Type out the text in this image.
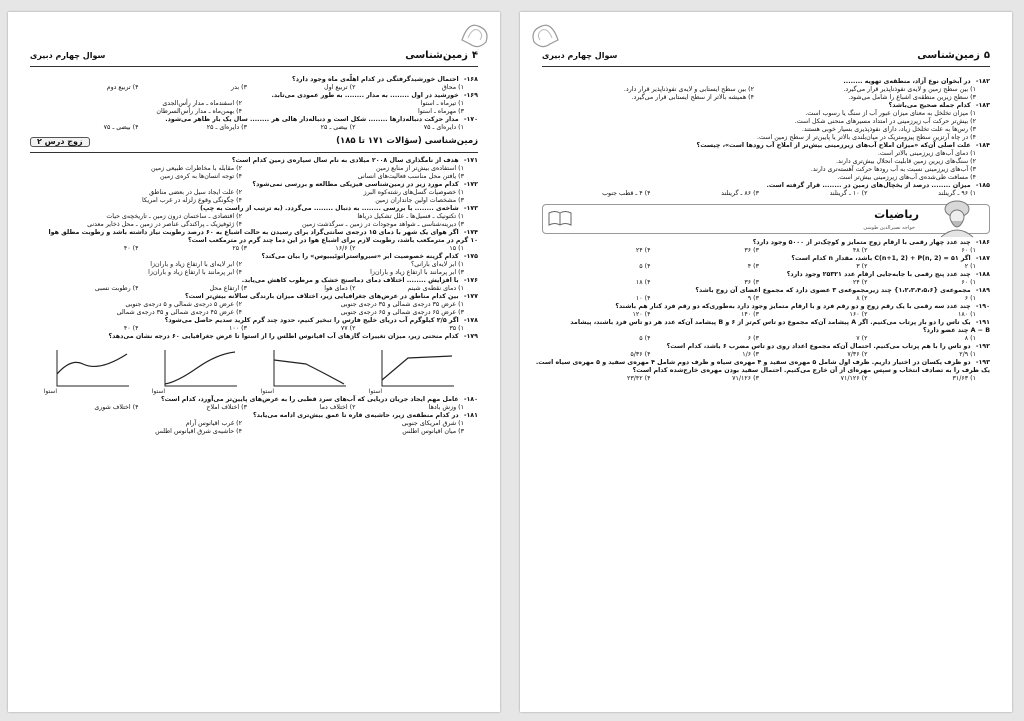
۴زمین‌شناسی
سوال چهارم دبیری
۱۶۸- احتمال خورشیدگرفتگی در کدام اهلّه‌ی ماه وجود دارد؟
۱) محاق
۲) تربیع اول
۳) بدر
۴) تربیع دوم
۱۶۹- خورشید در اول ........ به مدار ........ به طور عمودی می‌تابد.
۱) تیرماه ـ استوا
۲) اسفندماه ـ مدار رأس‌الجدی
۳) مهرماه ـ استوا
۴) بهمن‌ماه ـ مدار رأس‌السرطان
۱۷۰- مدار حرکت دنباله‌دارها ........ شکل است و دنباله‌دار هالی هر ........ سال یک بار ظاهر می‌شود.
۱) دایره‌ای ـ ۷۵
۲) بیضی ـ ۲۵
۳) دایره‌ای ـ ۲۵
۴) بیضی ـ ۷۵
زمین‌شناسی (سؤالات ۱۷۱ تا ۱۸۵)
زوج درس ۲
۱۷۱- هدف از نامگذاری سال ۲۰۰۸ میلادی به نام سال سیاره‌ی زمین کدام است؟
۱) استفاده‌ی بیش‌تر از منابع زمین
۲) مقابله با مخاطرات طبیعی زمین
۳) یافتن محل مناسب فعالیت‌های انسانی
۴) توجه انسان‌ها به کره‌ی زمین
۱۷۲- کدام مورد زیر در زمین‌شناسی فیزیکی مطالعه و بررسی نمی‌شود؟
۱) خصوصیات گسل‌های رشته‌کوه البرز
۲) علت ایجاد سیل در بعضی مناطق
۳) مشخصات اولین جانداران زمین
۴) چگونگی وقوع زلزله در غرب امریکا
۱۷۳- شاخه‌ی ........ با بررسی ........ به دنبال ........ می‌گردد. (به ترتیب از راست به چپ)
۱) تکتونیک ـ فسیل‌ها ـ علل تشکیل دریاها
۲) اقتصادی ـ ساختمان درون زمین ـ تاریخچه‌ی حیات
۳) دیرینه‌شناسی ـ شواهد موجودات در زمین ـ سرگذشت زمین
۴) ژئوفیزیک ـ پراکندگی عناصر در زمین ـ محل ذخایر معدنی
۱۷۴- اگر هوای یک شهر با دمای ۱۵ درجه‌ی سانتی‌گراد برای رسیدن به حالت اشباع به ۶۰ درصد رطوبت نیاز داشته باشد و رطوبت مطلق هوا
۱۰ گرم در مترمکعب باشد، رطوبت لازم برای اشباع هوا در این دما چند گرم در مترمکعب است؟
۱) ۱۵
۲) ۱۶/۶
۳) ۲۵
۴) ۴۰
۱۷۵- کدام گزینه خصوصیت ابر «سیرواستراتوئیبیوس» را بیان می‌کند؟
۱) ابر لایه‌ای بارانی؟
۲) ابر لایه‌ای با ارتفاع زیاد و باران‌زا
۳) ابر پرمانند با ارتفاع زیاد و باران‌زا
۴) ابر پرمانند با ارتفاع زیاد و باران‌زا
۱۷۶- با افزایش ........ اختلاف دمای دماسنج خشک و مرطوب کاهش می‌یابد.
۱) دمای نقطه‌ی شبنم
۲) دمای هوا
۳) ارتفاع محل
۴) رطوبت نسبی
۱۷۷- بین کدام مناطق در عرض‌های جغرافیایی زیر، اختلاف میزان بارندگی سالانه بیش‌تر است؟
۱) عرض ۳۵ درجه‌ی شمالی و ۳۵ درجه‌ی جنوبی
۲) عرض ۵ درجه‌ی شمالی و ۵ درجه‌ی جنوبی
۳) عرض ۶۵ درجه‌ی شمالی و ۶۵ درجه‌ی جنوبی
۴) عرض ۴۵ درجه‌ی شمالی و ۳۵ درجه‌ی شمالی
۱۷۸- اگر ۲/۵ کیلوگرم آب دریای خلیج فارس را تبخیر کنیم، حدود چند گرم کلرید سدیم حاصل می‌شود؟
۱) ۳۵
۲) ۷۷
۳) ۱۰۰
۴) ۴۰
۱۷۹- کدام منحنی زیر، میزان تغییرات گازهای آب اقیانوس اطلس را از استوا تا عرض جغرافیایی ۶۰ درجه نشان می‌دهد؟
استوا
استوا
استوا
استوا
۱۸۰- عامل مهم ایجاد جریان دریایی که آب‌های سرد قطبی را به عرض‌های پایین‌تر می‌آورد، کدام است؟
۱) وزش بادها
۲) اختلاف دما
۳) اختلاف املاح
۴) اختلاف شوری
۱۸۱- در کدام منطقه‌ی زیر، حاشیه‌ی قاره تا عمق بیش‌تری ادامه می‌یابد؟
۱) شرق امریکای جنوبی
۲) غرب اقیانوس آرام
۳) میان اقیانوس اطلس
۴) حاشیه‌ی شرق اقیانوس اطلس
۵زمین‌شناسی
سوال چهارم دبیری
۱۸۲- در آبخوان نوع آزاد، منطقه‌ی تهویه ........
۱) بین سطح زمین و لایه‌ی نفوذناپذیر قرار می‌گیرد.
۲) بین سطح ایستابی و لایه‌ی نفوذناپذیر قرار دارد.
۳) سطح زیرین منطقه‌ی اشباع را شامل می‌شود.
۴) همیشه بالاتر از سطح ایستابی قرار می‌گیرد.
۱۸۳- کدام جمله صحیح می‌باشد؟
۱) میزان تخلخل به معنای میزان عبور آب از سنگ یا رسوب است.
۲) بیش‌تر حرکت آب زیرزمینی در امتداد مسیرهای منحنی شکل است.
۳) رس‌ها به علت تخلخل زیاد، دارای نفوذپذیری بسیار خوبی هستند.
۴) در چاه آرتزین سطح پیزومتریک در میان‌بلندی بالاتر یا پایین‌تر از سطح زمین است.
۱۸۴- علت اصلی آن‌که «میزان املاح آب‌های زیرزمینی بیش‌تر از املاح آب رودها است»، چیست؟
۱) دمای آب‌های زیرزمینی بالاتر است.
۲) سنگ‌های زیرین زمین قابلیت انحلال بیش‌تری دارند.
۳) آب‌های زیرزمینی نسبت به آب رودها حرکت آهسته‌تری دارند.
۴) مسافت طی‌شده‌ی آب‌های زیرزمینی بیش‌تر است.
۱۸۵- میزان ........ درصد از یخچال‌های زمین در ........ قرار گرفته است.
۱) ۹۶ ـ گرینلند
۲) ۱۰ ـ گرینلند
۳) ۸۶ ـ گرینلند
۴) ۴ ـ قطب جنوب
ریاضیات
خواجه نصیرالدین طوسی
۱۸۶- چند عدد چهار رقمی با ارقام زوج متمایز و کوچک‌تر از ۵۰۰۰ وجود دارد؟
۱) ۶۰
۲) ۴۸
۳) ۳۶
۴) ۲۴
۱۸۷- اگر ۵۱ = C(n+1, 2) + P(n, 2) باشد، مقدار n کدام است؟
۱) ۲
۲) ۳
۳) ۴
۴) ۵
۱۸۸- چند عدد پنج رقمی با جابه‌جایی ارقام عدد ۲۵۳۲۱ وجود دارد؟
۱) ۶۰
۲) ۲۴
۳) ۳۶
۴) ۱۸
۱۸۹- مجموعه‌ی {۱،۲،۳،۴،۵،۶} چند زیرمجموعه‌ی ۳ عضوی دارد که مجموع اعضای آن زوج باشد؟
۱) ۶
۲) ۸
۳) ۹
۴) ۱۰
۱۹۰- چند عدد سه رقمی با یک رقم زوج و دو رقم فرد و با ارقام متمایز وجود دارد به‌طوری‌که دو رقم فرد کنار هم باشند؟
۱) ۱۸۰
۲) ۱۶۰
۳) ۱۴۰
۴) ۱۲۰
۱۹۱- یک تاس را دو بار پرتاب می‌کنیم. اگر A پیشامد آن‌که مجموع دو تاس کم‌تر از ۶ و B پیشامد آن‌که عدد هر دو تاس فرد باشند، پیشامد
A − B چند عضو دارد؟
۱) ۸
۲) ۷
۳) ۶
۴) ۵
۱۹۲- دو تاس را با هم پرتاب می‌کنیم. احتمال آن‌که مجموع اعداد روی دو تاس مضرب ۶ باشد، کدام است؟
۱) ۲/۹
۲) ۷/۳۶
۳) ۱/۶
۴) ۵/۳۶
۱۹۳- دو ظرف یکسان در اختیار داریم. ظرف اول شامل ۵ مهره‌ی سفید و ۴ مهره‌ی سیاه و ظرف دوم شامل ۴ مهره‌ی سفید و ۵ مهره‌ی سیاه است.
یک ظرف را به تصادف انتخاب و سپس مهره‌ای از آن خارج می‌کنیم. احتمال سفید بودن مهره‌ی خارج‌شده کدام است؟
۱) ۳۱/۶۳
۲) ۷۱/۱۲۶
۳) ۷۱/۱۲۶
۴) ۲۳/۴۲
